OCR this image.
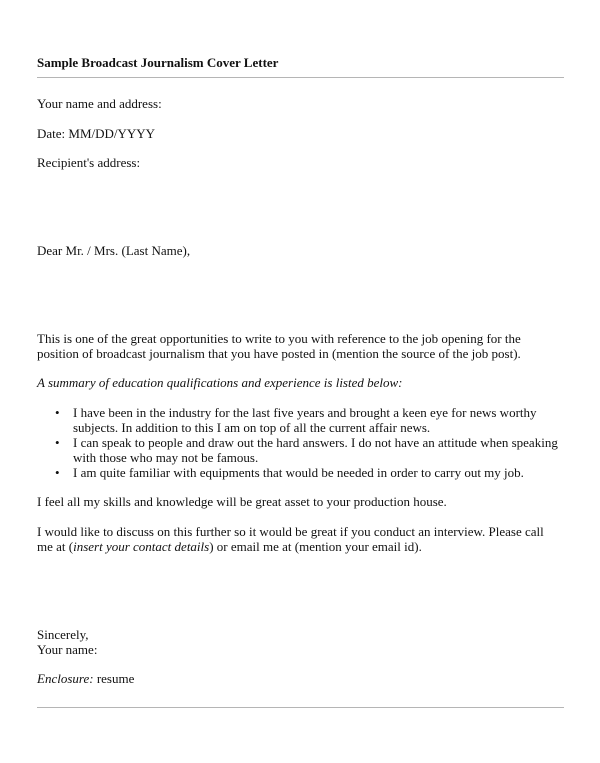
Sample Broadcast Journalism Cover Letter
Your name and address:
Date: MM/DD/YYYY
Recipient's address:
Dear Mr. / Mrs. (Last Name),
This is one of the great opportunities to write to you with reference to the job opening for the
position of broadcast journalism that you have posted in (mention the source of the job post).
A summary of education qualifications and experience is listed below:
• I have been in the industry for the last five years and brought a keen eye for news worthy
subjects. In addition to this I am on top of all the current affair news.
• I can speak to people and draw out the hard answers. I do not have an attitude when speaking
with those who may not be famous.
• I am quite familiar with equipments that would be needed in order to carry out my job.
I feel all my skills and knowledge will be great asset to your production house.
I would like to discuss on this further so it would be great if you conduct an interview. Please call
me at (insert your contact details) or email me at (mention your email id).
Sincerely,
Your name:
Enclosure: resume
